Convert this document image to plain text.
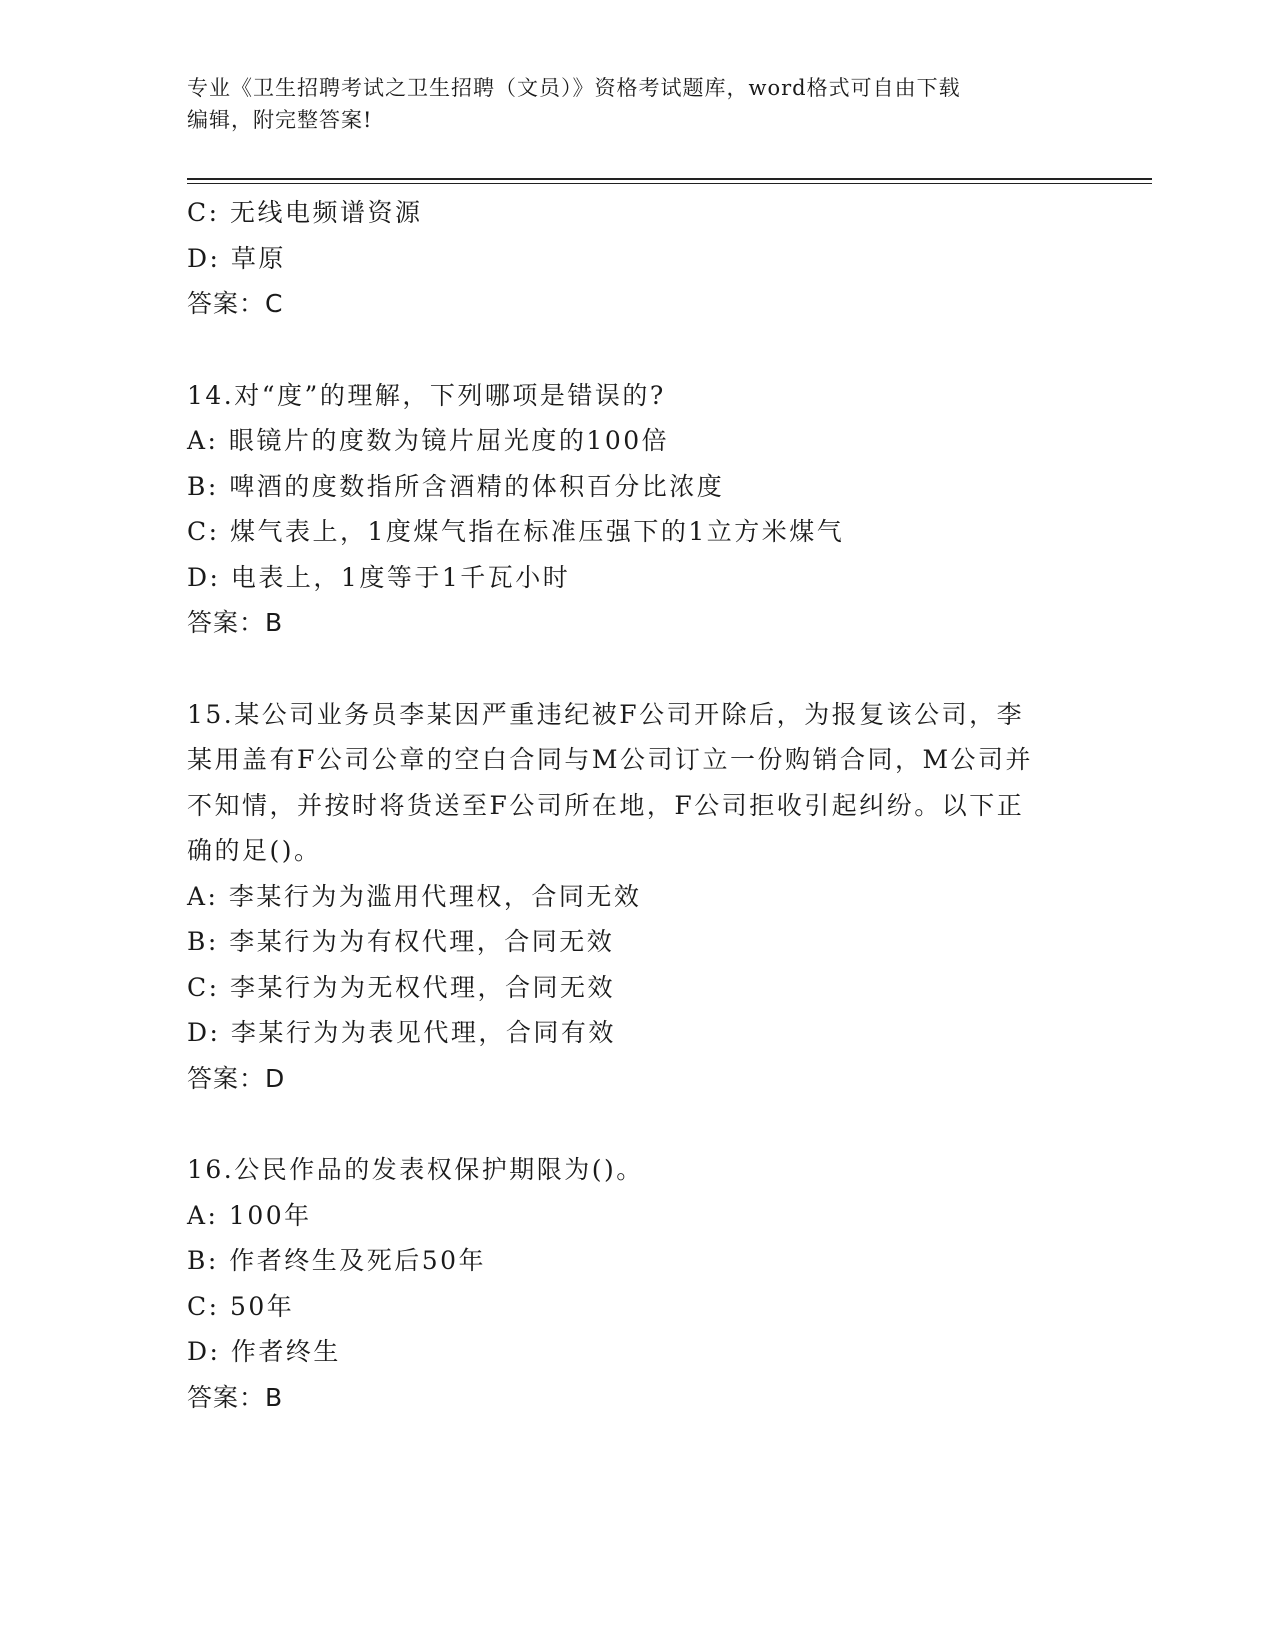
专业《卫生招聘考试之卫生招聘（文员）》资格考试题库，word格式可自由下载
编辑，附完整答案!
C: 无线电频谱资源
D: 草原
答案：C
14.对“度”的理解，下列哪项是错误的?
A: 眼镜片的度数为镜片屈光度的100倍
B: 啤酒的度数指所含酒精的体积百分比浓度
C: 煤气表上，1度煤气指在标准压强下的1立方米煤气
D: 电表上，1度等于1千瓦小时
答案：B
15.某公司业务员李某因严重违纪被F公司开除后，为报复该公司，李
某用盖有F公司公章的空白合同与M公司订立一份购销合同，M公司并
不知情，并按时将货送至F公司所在地，F公司拒收引起纠纷。以下正
确的足()。
A: 李某行为为滥用代理权，合同无效
B: 李某行为为有权代理，合同无效
C: 李某行为为无权代理，合同无效
D: 李某行为为表见代理，合同有效
答案：D
16.公民作品的发表权保护期限为()。
A: 100年
B: 作者终生及死后50年
C: 50年
D: 作者终生
答案：B
